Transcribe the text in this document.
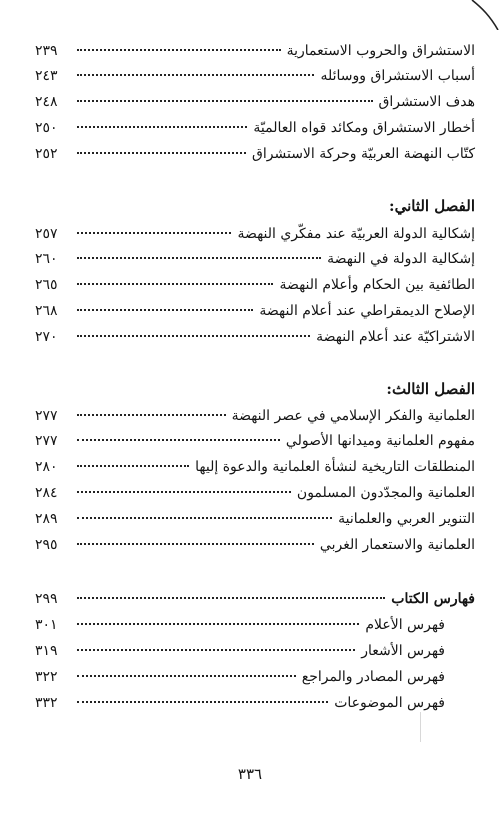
الاستشراق والحروب الاستعمارية
٢٣٩
أسباب الاستشراق ووسائله
٢٤٣
هدف الاستشراق
٢٤٨
أخطار الاستشراق ومكائد قواه العالميّة
٢٥٠
كتّاب النهضة العربيّة وحركة الاستشراق
٢٥٢
الفصل الثاني:
إشكالية الدولة العربيّة عند مفكّري النهضة
٢٥٧
إشكالية الدولة في النهضة
٢٦٠
الطائفية بين الحكام وأعلام النهضة
٢٦٥
الإصلاح الديمقراطي عند أعلام النهضة
٢٦٨
الاشتراكيّة عند أعلام النهضة
٢٧٠
الفصل الثالث:
العلمانية والفكر الإسلامي في عصر النهضة
٢٧٧
مفهوم العلمانية وميدانها الأصولي
٢٧٧
المنطلقات التاريخية لنشأة العلمانية والدعوة إليها
٢٨٠
العلمانية والمجدّدون المسلمون
٢٨٤
التنوير العربي والعلمانية
٢٨٩
العلمانية والاستعمار الغربي
٢٩٥
فهارس الكتاب
٢٩٩
فهرس الأعلام
٣٠١
فهرس الأشعار
٣١٩
فهرس المصادر والمراجع
٣٢٢
فهرس الموضوعات
٣٣٢
٣٣٦
